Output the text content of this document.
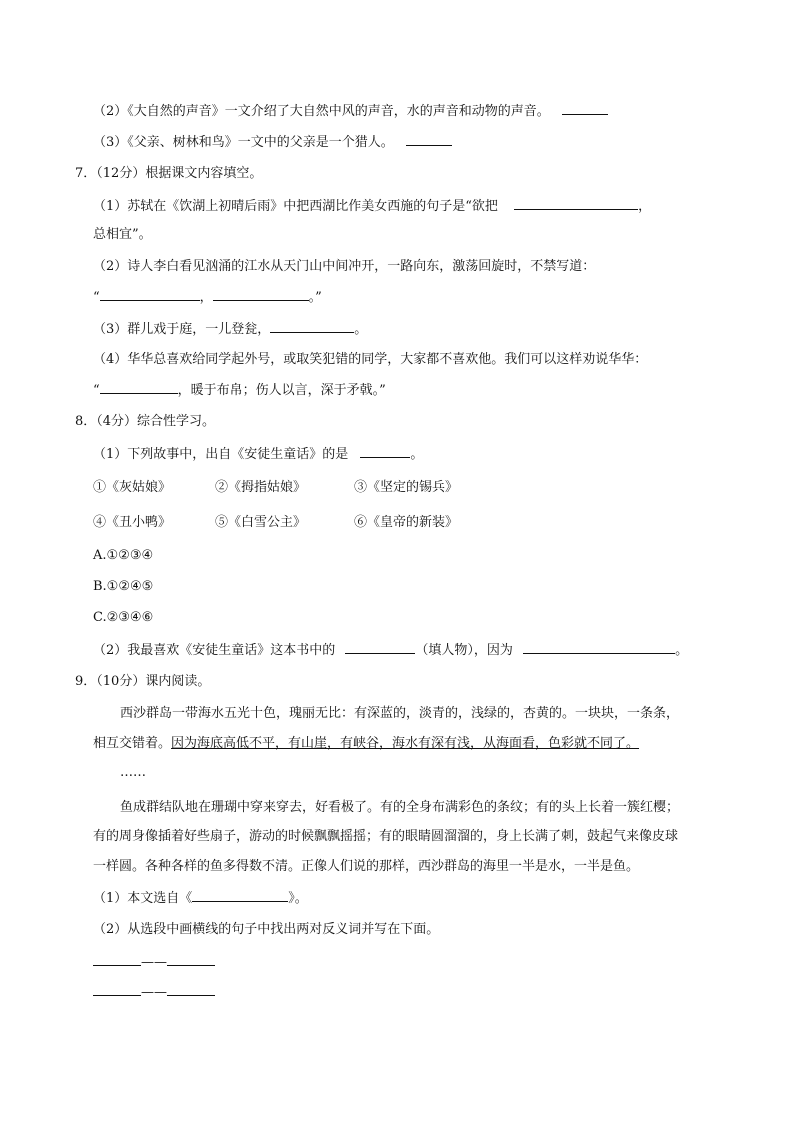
（2）《大自然的声音》一文介绍了大自然中风的声音，水的声音和动物的声音。
（3）《父亲、树林和鸟》一文中的父亲是一个猎人。
7．（12分）根据课文内容填空。
（1）苏轼在《饮湖上初晴后雨》中把西湖比作美女西施的句子是“欲把	，
总相宜”。
（2）诗人李白看见汹涌的江水从天门山中间冲开，一路向东，激荡回旋时，不禁写道：
“	，	。”
（3）群儿戏于庭，一儿登瓮，	。
（4）华华总喜欢给同学起外号，或取笑犯错的同学，大家都不喜欢他。我们可以这样劝说华华：
“	，暖于布帛；伤人以言，深于矛戟。”
8．（4分）综合性学习。
（1）下列故事中，出自《安徒生童话》的是	。
①《灰姑娘》	②《拇指姑娘》	③《坚定的锡兵》
④《丑小鸭》	⑤《白雪公主》	⑥《皇帝的新装》
A.①②③④
B.①②④⑤
C.②③④⑥
（2）我最喜欢《安徒生童话》这本书中的	（填人物），因为	。
9．（10分）课内阅读。
西沙群岛一带海水五光十色，瑰丽无比：有深蓝的，淡青的，浅绿的，杏黄的。一块块，一条条，
相互交错着。因为海底高低不平，有山崖，有峡谷，海水有深有浅，从海面看，色彩就不同了。
……
鱼成群结队地在珊瑚中穿来穿去，好看极了。有的全身布满彩色的条纹；有的头上长着一簇红樱；
有的周身像插着好些扇子，游动的时候飘飘摇摇；有的眼睛圆溜溜的，身上长满了刺，鼓起气来像皮球
一样圆。各种各样的鱼多得数不清。正像人们说的那样，西沙群岛的海里一半是水，一半是鱼。
（1）本文选自《	》。
（2）从选段中画横线的句子中找出两对反义词并写在下面。
——
——
